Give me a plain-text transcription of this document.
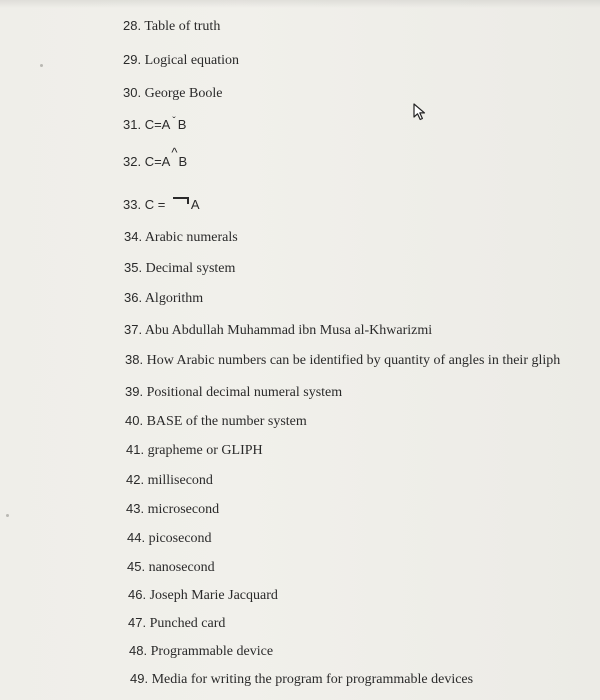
28. Table of truth
29. Logical equation
30. George Boole
31. C=A $^ˇ$ B
32. C=A^B
33. C = A
34. Arabic numerals
35. Decimal system
36. Algorithm
37. Abu Abdullah Muhammad ibn Musa al-Khwarizmi
38. How Arabic numbers can be identified by quantity of angles in their gliph
39. Positional decimal numeral system
40. BASE of the number system
41. grapheme or GLIPH
42. millisecond
43. microsecond
44. picosecond
45. nanosecond
46. Joseph Marie Jacquard
47. Punched card
48. Programmable device
49. Media for writing the program for programmable devices
